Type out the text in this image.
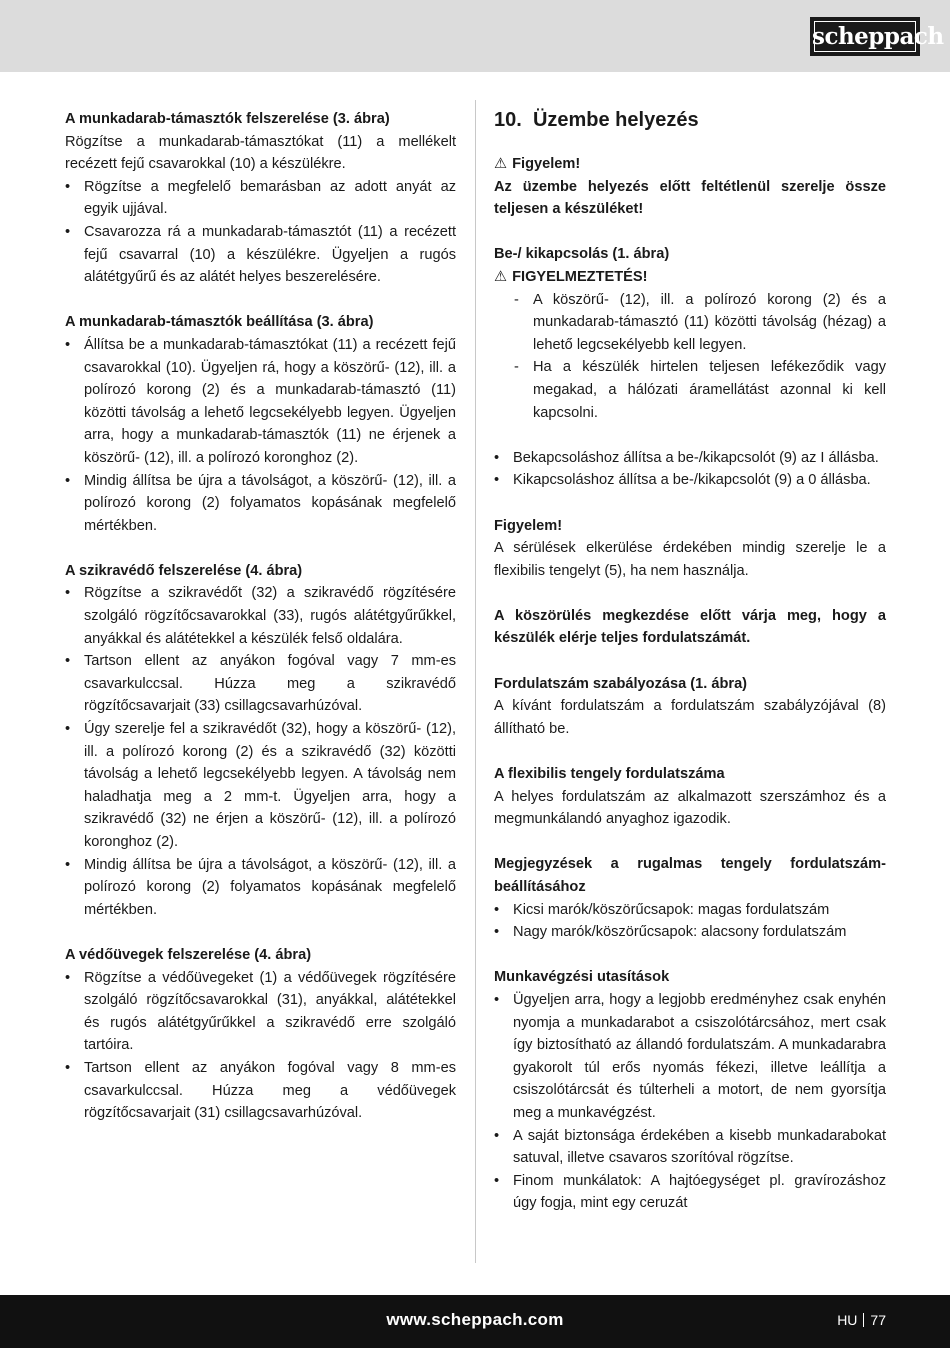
scheppach

A munkadarab-támasztók felszerelése (3. ábra)

Rögzítse a munkadarab-támasztókat (11) a mellékelt recézett fejű csavarokkal (10) a készülékre.

• Rögzítse a megfelelő bemarásban az adott anyát az egyik ujjával.
• Csavarozza rá a munkadarab-támasztót (11) a recézett fejű csavarral (10) a készülékre. Ügyeljen a rugós alátétgyűrű és az alátét helyes beszerelésére.

A munkadarab-támasztók beállítása (3. ábra)

• Állítsa be a munkadarab-támasztókat (11) a recézett fejű csavarokkal (10). Ügyeljen rá, hogy a köszörű- (12), ill. a polírozó korong (2) és a munkadarab-támasztó (11) közötti távolság a lehető legcsekélyebb legyen. Ügyeljen arra, hogy a munkadarab-támasztók (11) ne érjenek a köszörű- (12), ill. a polírozó koronghoz (2).
• Mindig állítsa be újra a távolságot, a köszörű- (12), ill. a polírozó korong (2) folyamatos kopásának megfelelő mértékben.

A szikravédő felszerelése (4. ábra)

• Rögzítse a szikravédőt (32) a szikravédő rögzítésére szolgáló rögzítőcsavarokkal (33), rugós alátétgyűrűkkel, anyákkal és alátétekkel a készülék felső oldalára.
• Tartson ellent az anyákon fogóval vagy 7 mm-es csavarkulccsal. Húzza meg a szikravédő rögzítőcsavarjait (33) csillagcsavarhúzóval.
• Úgy szerelje fel a szikravédőt (32), hogy a köszörű- (12), ill. a polírozó korong (2) és a szikravédő (32) közötti távolság a lehető legcsekélyebb legyen. A távolság nem haladhatja meg a 2 mm-t. Ügyeljen arra, hogy a szikravédő (32) ne érjen a köszörű- (12), ill. a polírozó koronghoz (2).
• Mindig állítsa be újra a távolságot, a köszörű- (12), ill. a polírozó korong (2) folyamatos kopásának megfelelő mértékben.

A védőüvegek felszerelése (4. ábra)

• Rögzítse a védőüvegeket (1) a védőüvegek rögzítésére szolgáló rögzítőcsavarokkal (31), anyákkal, alátétekkel és rugós alátétgyűrűkkel a szikravédő erre szolgáló tartóira.
• Tartson ellent az anyákon fogóval vagy 8 mm-es csavarkulccsal. Húzza meg a védőüvegek rögzítőcsavarjait (31) csillagcsavarhúzóval.

10. Üzembe helyezés

⚠ Figyelem!

Az üzembe helyezés előtt feltétlenül szerelje össze teljesen a készüléket!

Be-/ kikapcsolás (1. ábra)

⚠ FIGYELMEZTETÉS!

- A köszörű- (12), ill. a polírozó korong (2) és a munkadarab-támasztó (11) közötti távolság (hézag) a lehető legcsekélyebb kell legyen.
- Ha a készülék hirtelen teljesen lefékeződik vagy megakad, a hálózati áramellátást azonnal ki kell kapcsolni.
• Bekapcsoláshoz állítsa a be-/kikapcsolót (9) az I állásba.
• Kikapcsoláshoz állítsa a be-/kikapcsolót (9) a 0 állásba.

Figyelem!

A sérülések elkerülése érdekében mindig szerelje le a flexibilis tengelyt (5), ha nem használja.

A köszörülés megkezdése előtt várja meg, hogy a készülék elérje teljes fordulatszámát.

Fordulatszám szabályozása (1. ábra)

A kívánt fordulatszám a fordulatszám szabályzójával (8) állítható be.

A flexibilis tengely fordulatszáma

A helyes fordulatszám az alkalmazott szerszámhoz és a megmunkálandó anyaghoz igazodik.

Megjegyzések a rugalmas tengely fordulatszám-beállításához

• Kicsi marók/köszörűcsapok: magas fordulatszám
• Nagy marók/köszörűcsapok: alacsony fordulatszám

Munkavégzési utasítások

• Ügyeljen arra, hogy a legjobb eredményhez csak enyhén nyomja a munkadarabot a csiszolótárcsához, mert csak így biztosítható az állandó fordulatszám. A munkadarabra gyakorolt túl erős nyomás fékezi, illetve leállítja a csiszolótárcsát és túlterheli a motort, de nem gyorsítja meg a munkavégzést.
• A saját biztonsága érdekében a kisebb munkadarabokat satuval, illetve csavaros szorítóval rögzítse.
• Finom munkálatok: A hajtóegységet pl. gravírozáshoz úgy fogja, mint egy ceruzát
www.scheppach.com	HU 77
